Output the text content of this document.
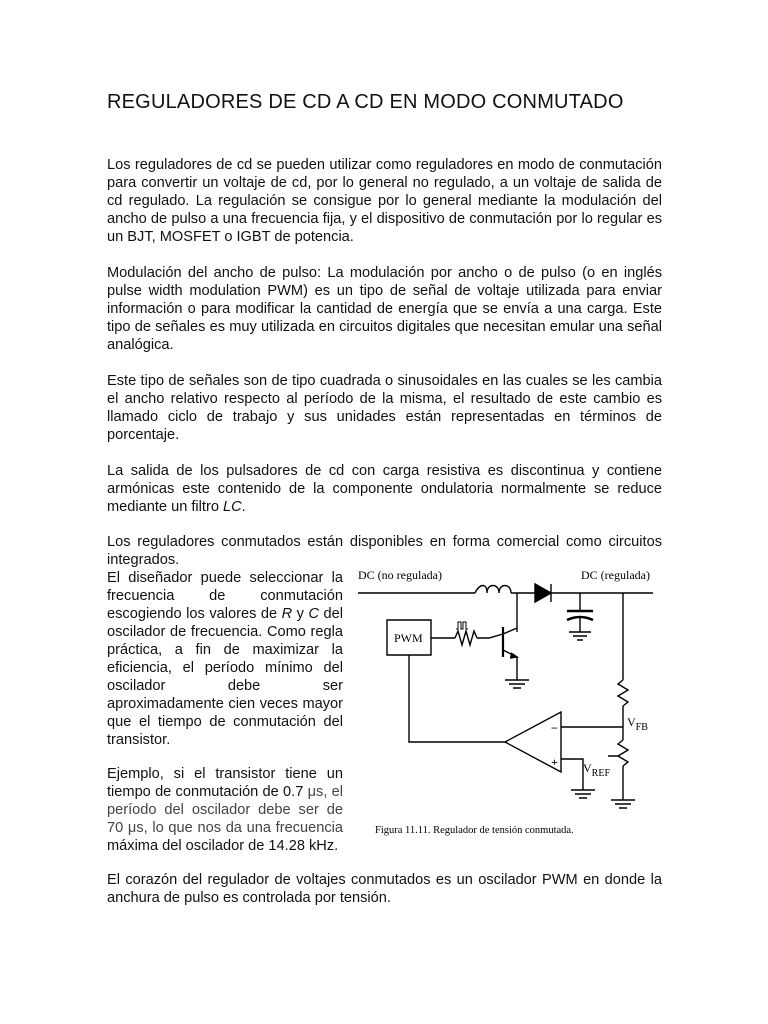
REGULADORES DE CD A CD EN MODO CONMUTADO

Los reguladores de cd se pueden utilizar como reguladores en modo de conmutación para convertir un voltaje de cd, por lo general no regulado, a un voltaje de salida de cd regulado. La regulación se consigue por lo general mediante la modulación del ancho de pulso a una frecuencia fija, y el dispositivo de conmutación por lo regular es un BJT, MOSFET o IGBT de potencia.

Modulación del ancho de pulso: La modulación por ancho o de pulso (o en inglés pulse width modulation PWM) es un tipo de señal de voltaje utilizada para enviar información o para modificar la cantidad de energía que se envía a una carga. Este tipo de señales es muy utilizada en circuitos digitales que necesitan emular una señal analógica.

Este tipo de señales son de tipo cuadrada o sinusoidales en las cuales se les cambia el ancho relativo respecto al período de la misma, el resultado de este cambio es llamado ciclo de trabajo y sus unidades están representadas en términos de porcentaje.

La salida de los pulsadores de cd con carga resistiva es discontinua y contiene armónicas este contenido de la componente ondulatoria normalmente se reduce mediante un filtro LC.

Los reguladores conmutados están disponibles en forma comercial como circuitos integrados.

El diseñador puede seleccionar la frecuencia de conmutación escogiendo los valores de R y C del oscilador de frecuencia. Como regla práctica, a fin de maximizar la eficiencia, el período mínimo del oscilador debe ser aproximadamente cien veces mayor que el tiempo de conmutación del transistor.

Ejemplo, si el transistor tiene un tiempo de conmutación de 0.7 μs, el período del oscilador debe ser de 70 μs, lo que nos da una frecuencia máxima del oscilador de 14.28 kHz.

DC (no regulada)	DC (regulada)
PWM
−
+
$V_{FB}$
$V_{REF}$
Figura 11.11. Regulador de tensión conmutada.

El corazón del regulador de voltajes conmutados es un oscilador PWM en donde la anchura de pulso es controlada por tensión.
